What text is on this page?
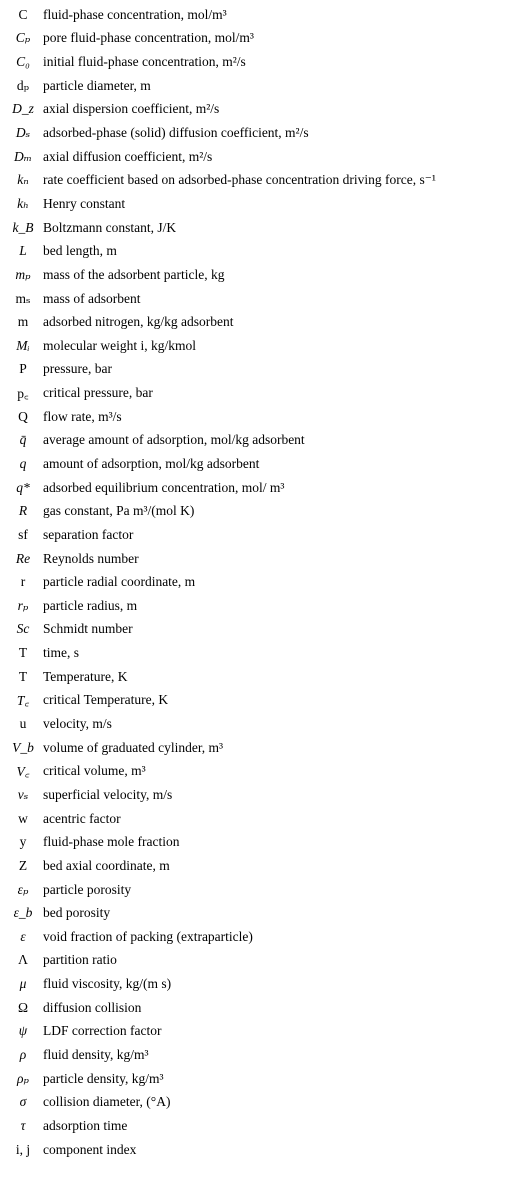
C	fluid-phase concentration, mol/m³
Cₚ pore fluid-phase concentration, mol/m³
C₀ initial fluid-phase concentration, m²/s
dₚ	particle diameter, m
D_z axial dispersion coefficient, m²/s
Dₛ adsorbed-phase (solid) diffusion coefficient, m²/s
Dₘ axial diffusion coefficient, m²/s
kₙ	rate coefficient based on adsorbed-phase concentration driving force, s⁻¹
kₕ	Henry constant
k_B Boltzmann constant, J/K
L	bed length, m
mₚ mass of the adsorbent particle, kg
mₛ mass of adsorbent
m	adsorbed nitrogen, kg/kg adsorbent
Mᵢ molecular weight i, kg/kmol
P	pressure, bar
p꜀	critical pressure, bar
Q	flow rate, m³/s
q̄	average amount of adsorption, mol/kg adsorbent
q	amount of adsorption, mol/kg adsorbent
q* adsorbed equilibrium concentration, mol/ m³
R	gas constant, Pa m³/(mol K)
sf	separation factor
Re Reynolds number
r	particle radial coordinate, m
rₚ	particle radius, m
Sc	Schmidt number
T	time, s
T	Temperature, K
T꜀	critical Temperature, K
u	velocity, m/s
V_b volume of graduated cylinder, m³
V꜀	critical volume, m³
vₛ	superficial velocity, m/s
w	acentric factor
y	fluid-phase mole fraction
Z	bed axial coordinate, m
εₚ	particle porosity
ε_b bed porosity
ε	void fraction of packing (extraparticle)
Λ	partition ratio
μ	fluid viscosity, kg/(m s)
Ω	diffusion collision
ψ	LDF correction factor
ρ	fluid density, kg/m³
ρₚ	particle density, kg/m³
σ	collision diameter, (°A)
τ	adsorption time
i, j component index
